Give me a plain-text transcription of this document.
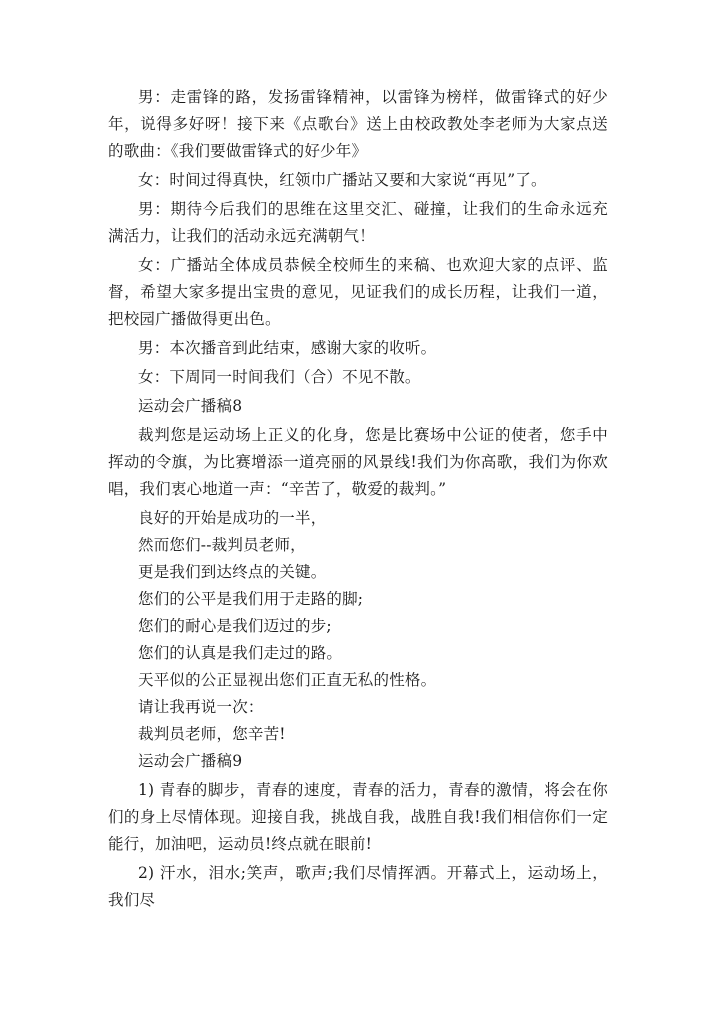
男：走雷锋的路，发扬雷锋精神，以雷锋为榜样，做雷锋式的好少年，说得多好呀！接下来《点歌台》送上由校政教处李老师为大家点送的歌曲：《我们要做雷锋式的好少年》

女：时间过得真快，红领巾广播站又要和大家说“再见”了。

男：期待今后我们的思维在这里交汇、碰撞，让我们的生命永远充满活力，让我们的活动永远充满朝气！

女：广播站全体成员恭候全校师生的来稿、也欢迎大家的点评、监督，希望大家多提出宝贵的意见，见证我们的成长历程，让我们一道，把校园广播做得更出色。

男：本次播音到此结束，感谢大家的收听。

女：下周同一时间我们（合）不见不散。

运动会广播稿8

裁判您是运动场上正义的化身，您是比赛场中公证的使者，您手中挥动的令旗，为比赛增添一道亮丽的风景线!我们为你高歌，我们为你欢唱，我们衷心地道一声：“辛苦了，敬爱的裁判。”

良好的开始是成功的一半，

然而您们--裁判员老师，

更是我们到达终点的关键。

您们的公平是我们用于走路的脚;

您们的耐心是我们迈过的步;

您们的认真是我们走过的路。

天平似的公正显视出您们正直无私的性格。

请让我再说一次：

裁判员老师，您辛苦!

运动会广播稿9

1) 青春的脚步，青春的速度，青春的活力，青春的激情，将会在你们的身上尽情体现。迎接自我，挑战自我，战胜自我!我们相信你们一定能行，加油吧，运动员!终点就在眼前!

2) 汗水，泪水;笑声，歌声;我们尽情挥洒。开幕式上，运动场上，我们尽
